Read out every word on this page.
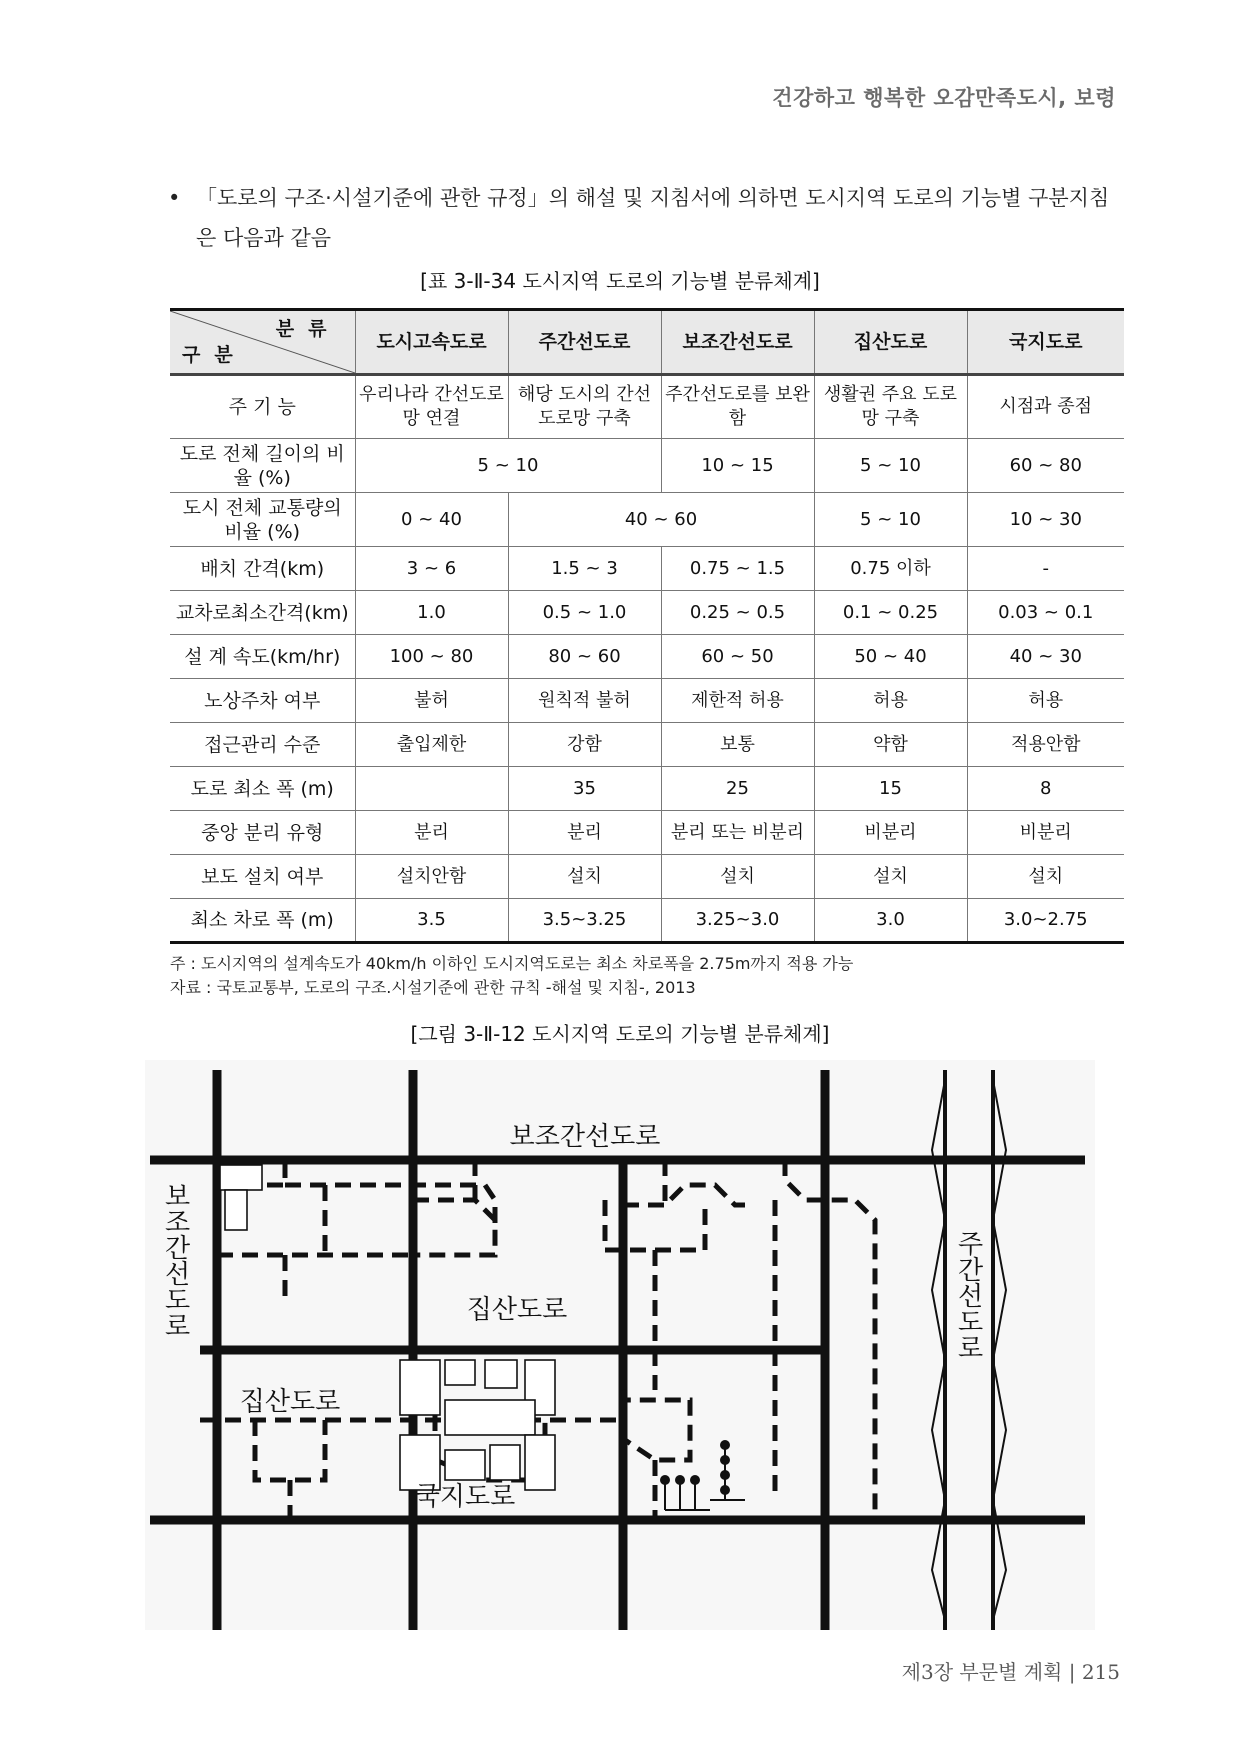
건강하고 행복한 오감만족도시, 보령
• 「도로의 구조·시설기준에 관한 규정」의 해설 및 지침서에 의하면 도시지역 도로의 기능별 구분지침은 다음과 같음
[표 3-Ⅱ-34 도시지역 도로의 기능별 분류체계]
분류
구분	도시고속도로	주간선도로	보조간선도로	집산도로	국지도로
주 기 능	우리나라 간선도로망 연결	해당 도시의 간선도로망 구축	주간선도로를 보완함	생활권 주요 도로망 구축	시점과 종점
도로 전체 길이의 비율 (%)	5 ~ 10		10 ~ 15	5 ~ 10	60 ~ 80
도시 전체 교통량의 비율 (%)	0 ~ 40	40 ~ 60		5 ~ 10	10 ~ 30
배치 간격(km)	3 ~ 6	1.5 ~ 3	0.75 ~ 1.5	0.75 이하	-
교차로최소간격(km)	1.0	0.5 ~ 1.0	0.25 ~ 0.5	0.1 ~ 0.25	0.03 ~ 0.1
설 계 속도(km/hr)	100 ~ 80	80 ~ 60	60 ~ 50	50 ~ 40	40 ~ 30
노상주차 여부	불허	원칙적 불허	제한적 허용	허용	허용
접근관리 수준	출입제한	강함	보통	약함	적용안함
도로 최소 폭 (m)		35	25	15	8
중앙 분리 유형	분리	분리	분리 또는 비분리	비분리	비분리
보도 설치 여부	설치안함	설치	설치	설치	설치
최소 차로 폭 (m)	3.5	3.5~3.25	3.25~3.0	3.0	3.0~2.75
주 : 도시지역의 설계속도가 40km/h 이하인 도시지역도로는 최소 차로폭을 2.75m까지 적용 가능
자료 : 국토교통부, 도로의 구조.시설기준에 관한 규칙 -해설 및 지침-, 2013
[그림 3-Ⅱ-12 도시지역 도로의 기능별 분류체계]
보조간선도로
집산도로
집산도로
국지도로
보조간선도로	주간선도로
제3장 부문별 계획 | 215
